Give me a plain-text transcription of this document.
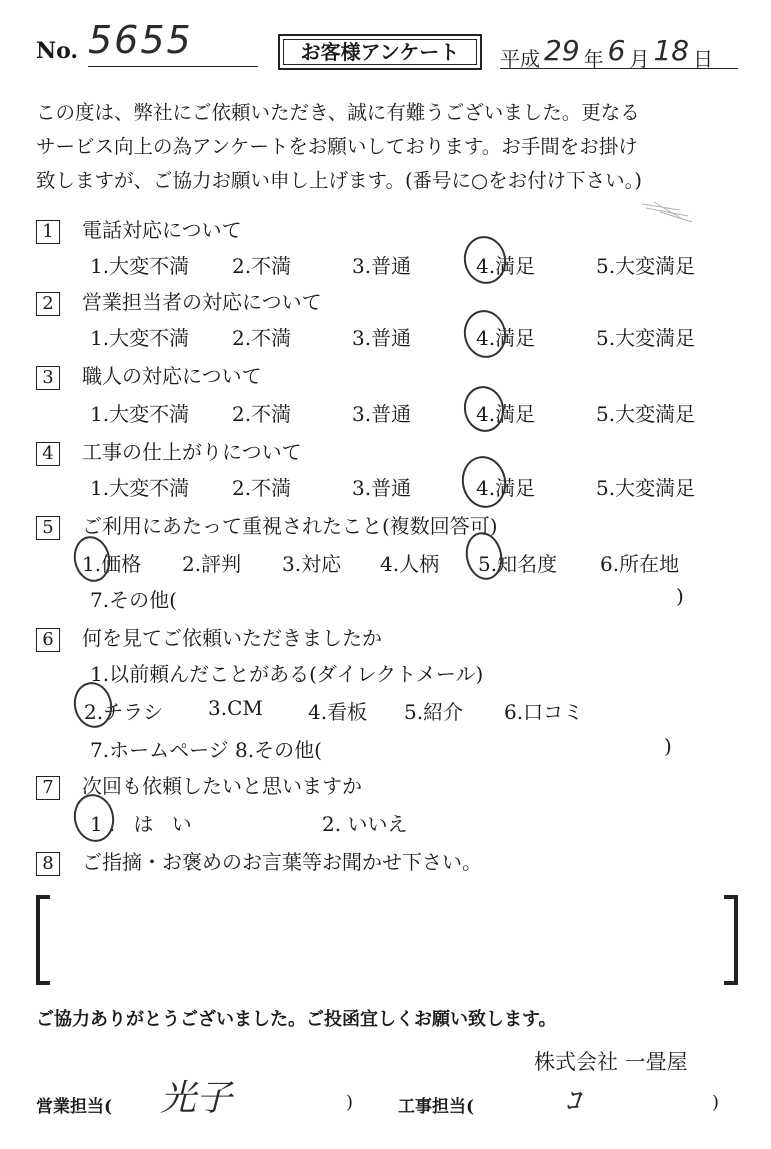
No. 5655	お客様アンケート	平成 29 年 6 月 18 日
この度は、弊社にご依頼いただき、誠に有難うございました。更なる
サービス向上の為アンケートをお願いしております。お手間をお掛け
致しますが、ご協力お願い申し上げます。(番号に○をお付け下さい。)
1 電話対応について
1.大変不満 2.不満	3.普通	4.満足	5.大変満足
2 営業担当者の対応について
1.大変不満 2.不満	3.普通	4.満足	5.大変満足
3 職人の対応について
1.大変不満 2.不満	3.普通	4.満足	5.大変満足
4 工事の仕上がりについて
1.大変不満 2.不満	3.普通	4.満足	5.大変満足
5 ご利用にあたって重視されたこと(複数回答可)
1.価格 2.評判 3.対応 4.人柄 5.知名度 6.所在地
7.その他(	)
6 何を見てご依頼いただきましたか
1.以前頼んだことがある(ダイレクトメール)
2.チラシ 3.CM 4.看板 5.紹介 6.口コミ
7.ホームページ 8.その他(	)
7 次回も依頼したいと思いますか
1. は い	2. いいえ
8 ご指摘・お褒めのお言葉等お聞かせ下さい。
ご協力ありがとうございました。ご投函宜しくお願い致します。
株式会社 一畳屋
営業担当( 光子	)	工事担当(	ｺ	)
